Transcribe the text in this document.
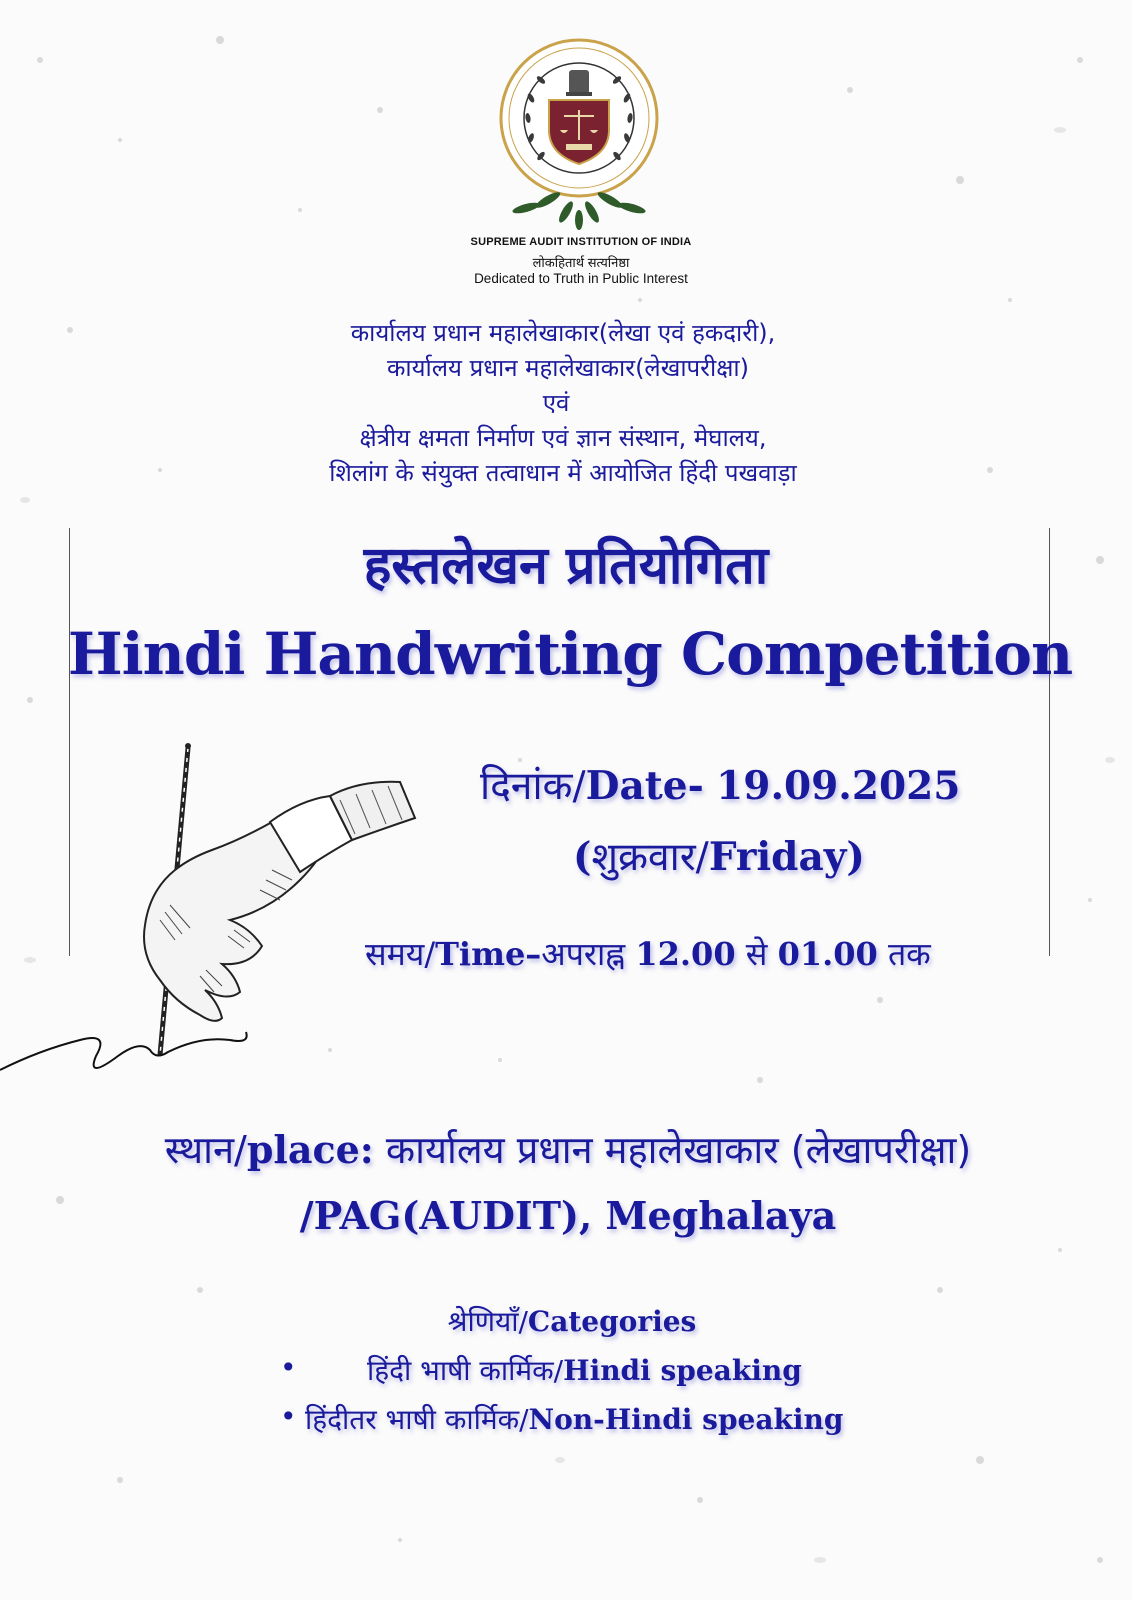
SUPREME AUDIT INSTITUTION OF INDIA
लोकहितार्थ सत्यनिष्ठा
Dedicated to Truth in Public Interest
कार्यालय प्रधान महालेखाकार(लेखा एवं हकदारी),
कार्यालय प्रधान महालेखाकार(लेखापरीक्षा)
एवं
क्षेत्रीय क्षमता निर्माण एवं ज्ञान संस्थान, मेघालय,
शिलांग के संयुक्त तत्वाधान में आयोजित हिंदी पखवाड़ा
हस्तलेखन प्रतियोगिता
Hindi Handwriting Competition
दिनांक/Date- 19.09.2025
(शुक्रवार/Friday)
समय/Time–अपराह्न 12.00 से 01.00 तक
स्थान/place: कार्यालय प्रधान महालेखाकार (लेखापरीक्षा)
/PAG(AUDIT), Meghalaya
श्रेणियाँ/Categories
•	हिंदी भाषी कार्मिक/Hindi speaking
• हिंदीतर भाषी कार्मिक/Non-Hindi speaking
